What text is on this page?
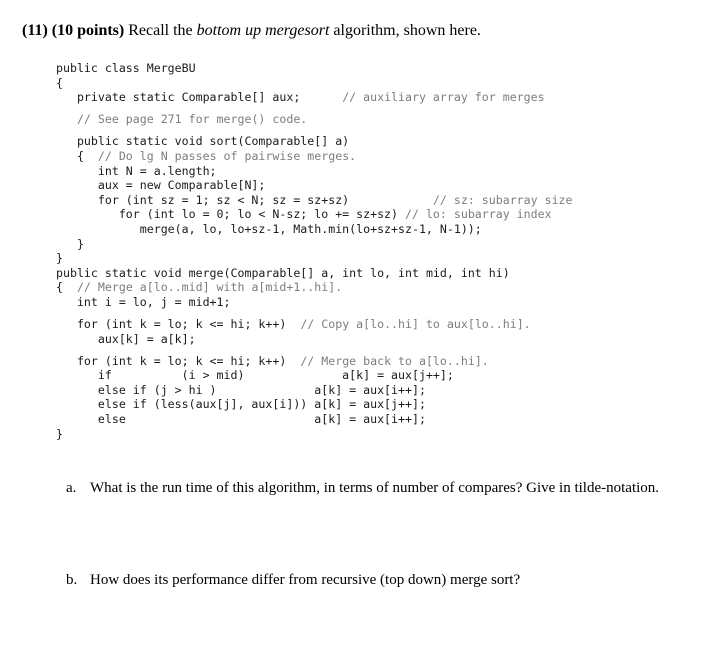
(11) (10 points) Recall the bottom up mergesort algorithm, shown here.
public class MergeBU
{
private static Comparable[] aux;      // auxiliary array for merges
// See page 271 for merge() code.
public static void sort(Comparable[] a)
{  // Do lg N passes of pairwise merges.
int N = a.length;
aux = new Comparable[N];
for (int sz = 1; sz < N; sz = sz+sz)            // sz: subarray size
for (int lo = 0; lo < N-sz; lo += sz+sz) // lo: subarray index
merge(a, lo, lo+sz-1, Math.min(lo+sz+sz-1, N-1));
}
}
public static void merge(Comparable[] a, int lo, int mid, int hi)
{  // Merge a[lo..mid] with a[mid+1..hi].
int i = lo, j = mid+1;
for (int k = lo; k <= hi; k++)  // Copy a[lo..hi] to aux[lo..hi].
aux[k] = a[k];
for (int k = lo; k <= hi; k++)  // Merge back to a[lo..hi].
if          (i > mid)              a[k] = aux[j++];
else if (j > hi )              a[k] = aux[i++];
else if (less(aux[j], aux[i])) a[k] = aux[j++];
else                           a[k] = aux[i++];
}
a. What is the run time of this algorithm, in terms of number of compares? Give in tilde-notation.
b. How does its performance differ from recursive (top down) merge sort?
